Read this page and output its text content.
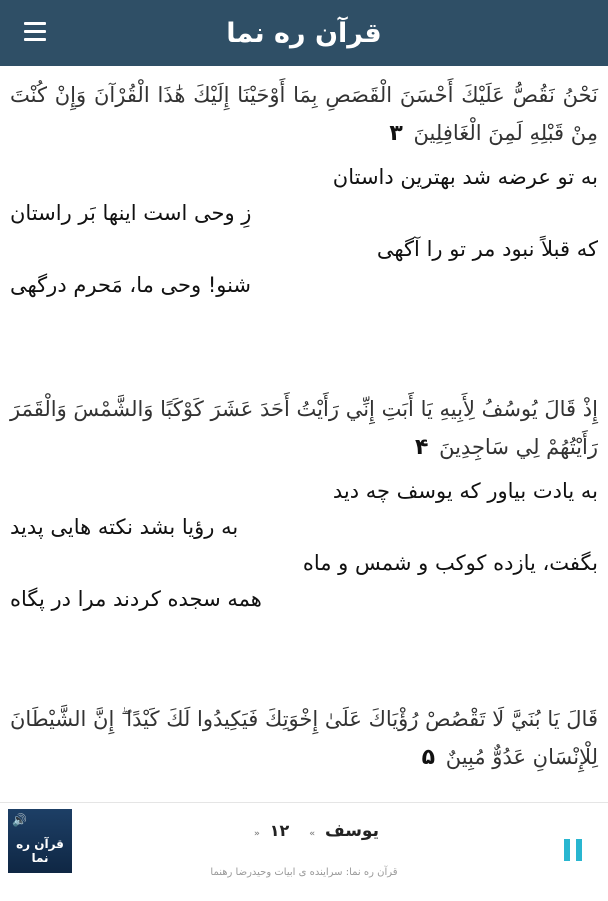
قرآن ره نما

نَحْنُ نَقُصُّ عَلَيْكَ أَحْسَنَ الْقَصَصِ بِمَا أَوْحَيْنَا إِلَيْكَ هَٰذَا الْقُرْآنَ وَإِنْ كُنْتَ مِنْ قَبْلِهِ لَمِنَ الْغَافِلِينَ ۳

به تو عرضه شد بهترین داستان
زِ وحی است اینها بَر راستان
که قبلاً نبود مر تو را آگهی
شنو! وحی ما، مَحرم درگهی

إِذْ قَالَ يُوسُفُ لِأَبِيهِ يَا أَبَتِ إِنِّي رَأَيْتُ أَحَدَ عَشَرَ كَوْكَبًا وَالشَّمْسَ وَالْقَمَرَ رَأَيْتُهُمْ لِي سَاجِدِينَ ۴

به یادت بیاور که یوسف چه دید
به رؤیا بشد نکته هایی پدید
بگفت، یازده کوکب و شمس و ماه
همه سجده کردند مرا در پگاه

قَالَ يَا بُنَيَّ لَا تَقْصُصْ رُؤْيَاكَ عَلَىٰ إِخْوَتِكَ فَيَكِيدُوا لَكَ كَيْدًا ۖ إِنَّ الشَّيْطَانَ لِلْإِنْسَانِ عَدُوٌّ مُبِينٌ ۵

🔊
قرآن ره نما
یوسف » ۱۲ «
قرآن ره نما: سراینده ی ابیات وحیدرضا رهنما
